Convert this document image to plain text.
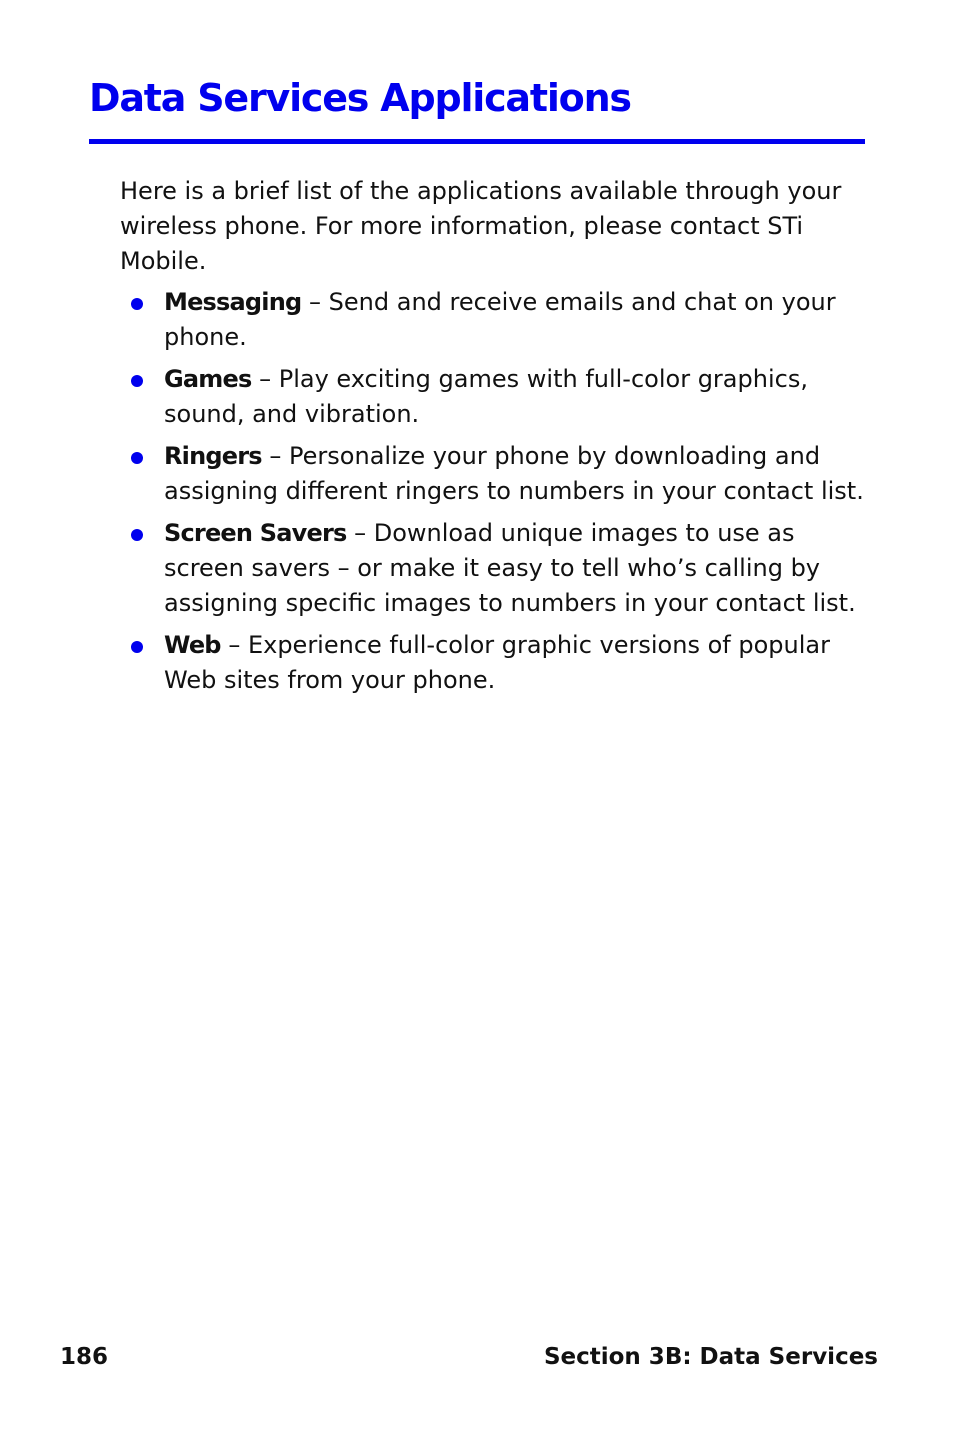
Data Services Applications

Here is a brief list of the applications available through your wireless phone. For more information, please contact STi Mobile.

Messaging – Send and receive emails and chat on your phone.
Games – Play exciting games with full-color graphics, sound, and vibration.
Ringers – Personalize your phone by downloading and assigning different ringers to numbers in your contact list.
Screen Savers – Download unique images to use as screen savers – or make it easy to tell who’s calling by assigning specific images to numbers in your contact list.
Web – Experience full-color graphic versions of popular Web sites from your phone.
186	Section 3B: Data Services
